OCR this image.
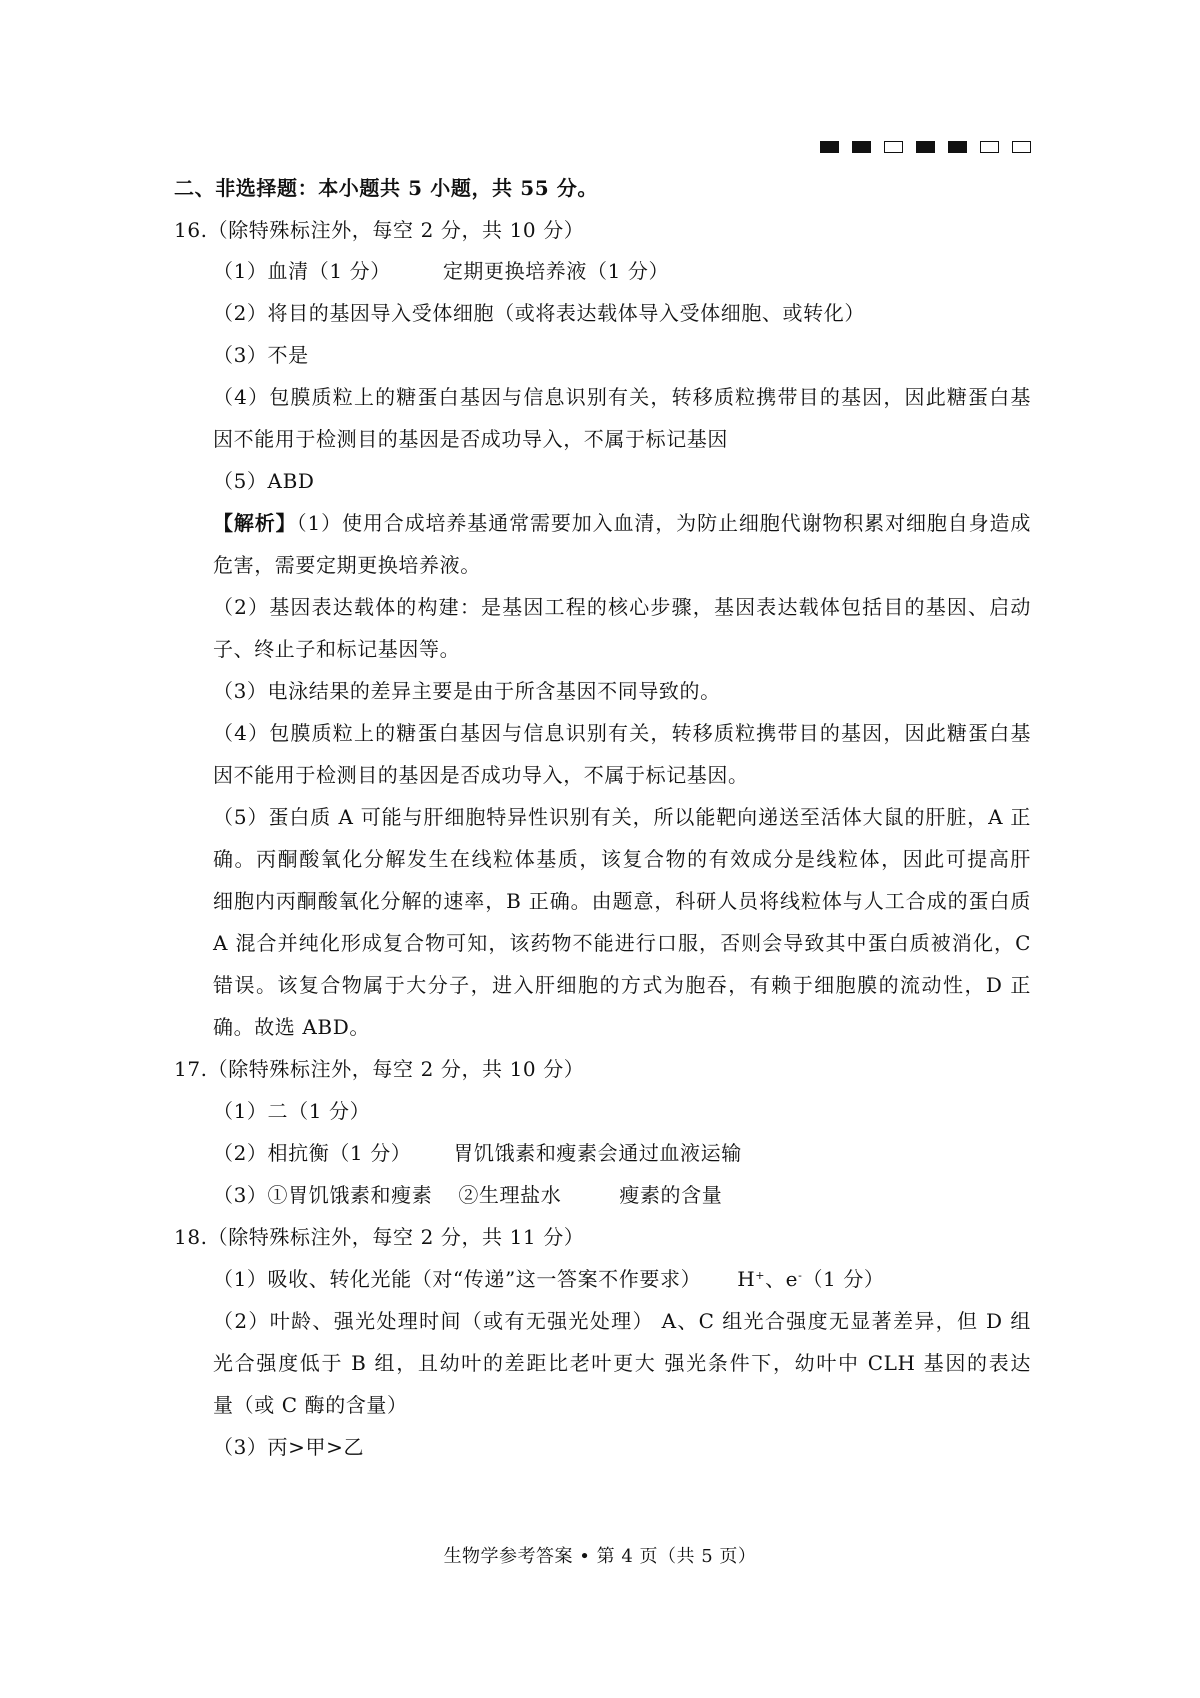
二、非选择题：本小题共 5 小题，共 55 分。
16.（除特殊标注外，每空 2 分，共 10 分）
（1）血清（1 分）	定期更换培养液（1 分）
（2）将目的基因导入受体细胞（或将表达载体导入受体细胞、或转化）
（3）不是
（4）包膜质粒上的糖蛋白基因与信息识别有关，转移质粒携带目的基因，因此糖蛋白基
因不能用于检测目的基因是否成功导入，不属于标记基因
（5）ABD
【解析】（1）使用合成培养基通常需要加入血清，为防止细胞代谢物积累对细胞自身造成
危害，需要定期更换培养液。
（2）基因表达载体的构建：是基因工程的核心步骤，基因表达载体包括目的基因、启动
子、终止子和标记基因等。
（3）电泳结果的差异主要是由于所含基因不同导致的。
（4）包膜质粒上的糖蛋白基因与信息识别有关，转移质粒携带目的基因，因此糖蛋白基
因不能用于检测目的基因是否成功导入，不属于标记基因。
（5）蛋白质 A 可能与肝细胞特异性识别有关，所以能靶向递送至活体大鼠的肝脏，A 正
确。丙酮酸氧化分解发生在线粒体基质，该复合物的有效成分是线粒体，因此可提高肝
细胞内丙酮酸氧化分解的速率，B 正确。由题意，科研人员将线粒体与人工合成的蛋白质
A 混合并纯化形成复合物可知，该药物不能进行口服，否则会导致其中蛋白质被消化，C
错误。该复合物属于大分子，进入肝细胞的方式为胞吞，有赖于细胞膜的流动性，D 正
确。故选 ABD。
17.（除特殊标注外，每空 2 分，共 10 分）
（1）二（1 分）
（2）相抗衡（1 分） 胃饥饿素和瘦素会通过血液运输
（3）①胃饥饿素和瘦素 ②生理盐水	瘦素的含量
18.（除特殊标注外，每空 2 分，共 11 分）
（1）吸收、转化光能（对“传递”这一答案不作要求） H+、e-（1 分）
（2）叶龄、强光处理时间（或有无强光处理） A、C 组光合强度无显著差异，但 D 组
光合强度低于 B 组，且幼叶的差距比老叶更大 强光条件下，幼叶中 CLH 基因的表达
量（或 C 酶的含量）
（3）丙>甲>乙
生物学参考答案 • 第 4 页（共 5 页）
